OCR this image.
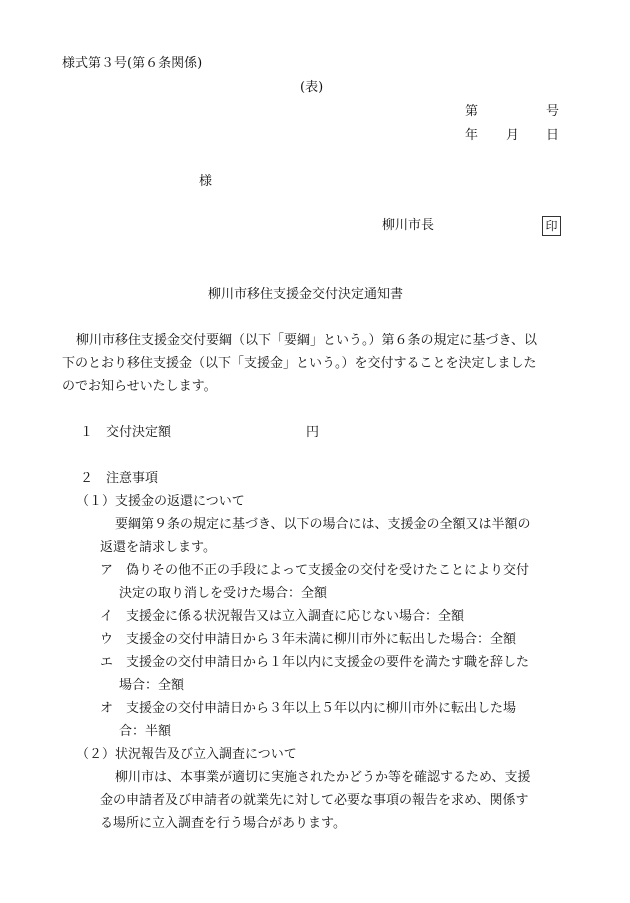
様式第３号(第６条関係)
(表)
第	号
年 月 日
様
柳川市長	印
柳川市移住支援金交付決定通知書
柳川市移住支援金交付要綱（以下「要綱」という。）第６条の規定に基づき、以
下のとおり移住支援金（以下「支援金」という。）を交付することを決定しました
のでお知らせいたします。
１　交付決定額	円
２　注意事項
（１）支援金の返還について
要綱第９条の規定に基づき、以下の場合には、支援金の全額又は半額の
返還を請求します。
ア　偽りその他不正の手段によって支援金の交付を受けたことにより交付
決定の取り消しを受けた場合：全額
イ　支援金に係る状況報告又は立入調査に応じない場合：全額
ウ　支援金の交付申請日から３年未満に柳川市外に転出した場合：全額
エ　支援金の交付申請日から１年以内に支援金の要件を満たす職を辞した
場合：全額
オ　支援金の交付申請日から３年以上５年以内に柳川市外に転出した場
合：半額
（２）状況報告及び立入調査について
柳川市は、本事業が適切に実施されたかどうか等を確認するため、支援
金の申請者及び申請者の就業先に対して必要な事項の報告を求め、関係す
る場所に立入調査を行う場合があります。
